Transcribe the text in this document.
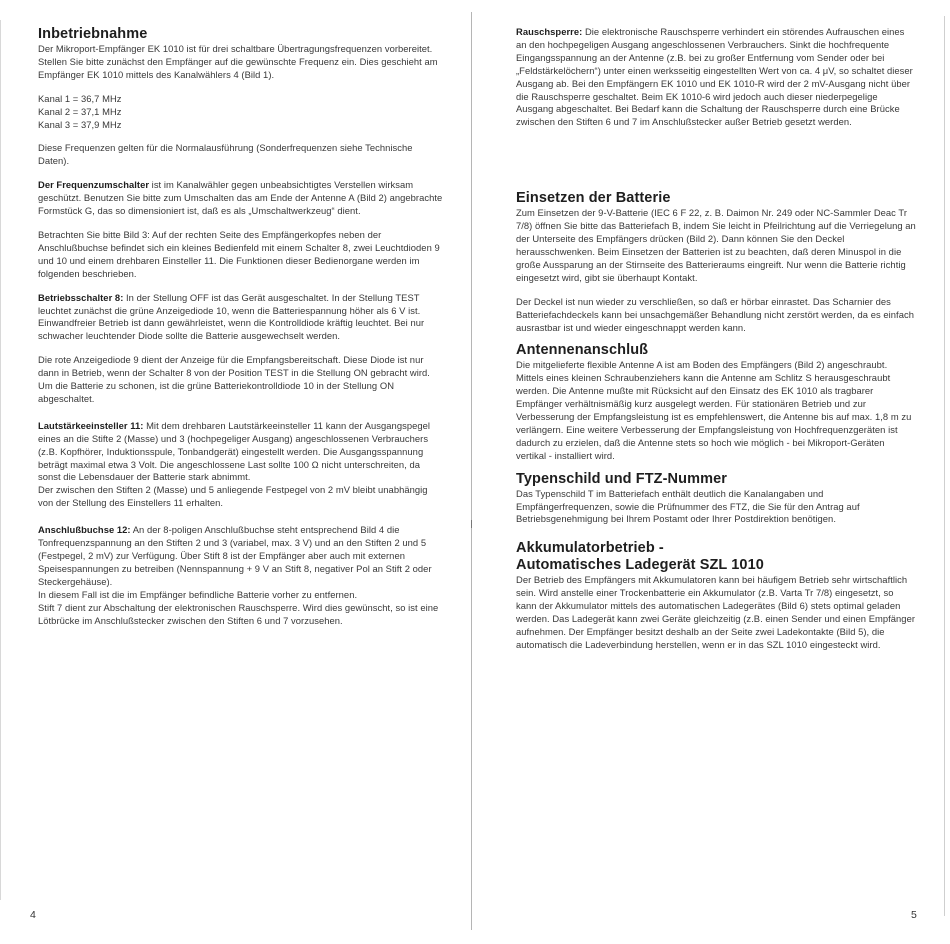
Inbetriebnahme

Der Mikroport-Empfänger EK 1010 ist für drei schaltbare Übertragungsfrequenzen vorbereitet. Stellen Sie bitte zunächst den Empfänger auf die gewünschte Frequenz ein. Dies geschieht am Empfänger EK 1010 mittels des Kanalwählers 4 (Bild 1).

Kanal 1 = 36,7 MHz

Kanal 2 = 37,1 MHz

Kanal 3 = 37,9 MHz

Diese Frequenzen gelten für die Normalausführung (Sonderfrequenzen siehe Technische Daten).

Der Frequenzumschalter ist im Kanalwähler gegen unbeabsichtigtes Verstellen wirksam geschützt. Benutzen Sie bitte zum Umschalten das am Ende der Antenne A (Bild 2) angebrachte Formstück G, das so dimensioniert ist, daß es als „Umschaltwerkzeug“ dient.

Betrachten Sie bitte Bild 3: Auf der rechten Seite des Empfängerkopfes neben der Anschlußbuchse befindet sich ein kleines Bedienfeld mit einem Schalter 8, zwei Leuchtdioden 9 und 10 und einem drehbaren Einsteller 11. Die Funktionen dieser Bedienorgane werden im folgenden beschrieben.

Betriebsschalter 8: In der Stellung OFF ist das Gerät ausgeschaltet. In der Stellung TEST leuchtet zunächst die grüne Anzeigediode 10, wenn die Batteriespannung höher als 6 V ist. Einwandfreier Betrieb ist dann gewährleistet, wenn die Kontrolldiode kräftig leuchtet. Bei nur schwacher leuchtender Diode sollte die Batterie ausgewechselt werden.

Die rote Anzeigediode 9 dient der Anzeige für die Empfangsbereitschaft. Diese Diode ist nur dann in Betrieb, wenn der Schalter 8 von der Position TEST in die Stellung ON gebracht wird. Um die Batterie zu schonen, ist die grüne Batteriekontrolldiode 10 in der Stellung ON abgeschaltet.

Lautstärkeeinsteller 11: Mit dem drehbaren Lautstärkeeinsteller 11 kann der Ausgangspegel eines an die Stifte 2 (Masse) und 3 (hochpegeliger Ausgang) angeschlossenen Verbrauchers (z.B. Kopfhörer, Induktionsspule, Tonbandgerät) eingestellt werden. Die Ausgangsspannung beträgt maximal etwa 3 Volt. Die angeschlossene Last sollte 100 Ω nicht unterschreiten, da sonst die Lebensdauer der Batterie stark abnimmt.

Der zwischen den Stiften 2 (Masse) und 5 anliegende Festpegel von 2 mV bleibt unabhängig von der Stellung des Einstellers 11 erhalten.

Anschlußbuchse 12: An der 8-poligen Anschlußbuchse steht entsprechend Bild 4 die Tonfrequenzspannung an den Stiften 2 und 3 (variabel, max. 3 V) und an den Stiften 2 und 5 (Festpegel, 2 mV) zur Verfügung. Über Stift 8 ist der Empfänger aber auch mit externen Speisespannungen zu betreiben (Nennspannung + 9 V an Stift 8, negativer Pol an Stift 2 oder Steckergehäuse).

In diesem Fall ist die im Empfänger befindliche Batterie vorher zu entfernen.

Stift 7 dient zur Abschaltung der elektronischen Rauschsperre. Wird dies gewünscht, so ist eine Lötbrücke im Anschlußstecker zwischen den Stiften 6 und 7 vorzusehen.

Rauschsperre: Die elektronische Rauschsperre verhindert ein störendes Aufrauschen eines an den hochpegeligen Ausgang angeschlossenen Verbrauchers. Sinkt die hochfrequente Eingangsspannung an der Antenne (z.B. bei zu großer Entfernung vom Sender oder bei „Feldstärkelöchern“) unter einen werksseitig eingestellten Wert von ca. 4 μV, so schaltet dieser Ausgang ab. Bei den Empfängern EK 1010 und EK 1010-R wird der 2 mV-Ausgang nicht über die Rauschsperre geschaltet. Beim EK 1010-6 wird jedoch auch dieser niederpegelige Ausgang abgeschaltet. Bei Bedarf kann die Schaltung der Rauschsperre durch eine Brücke zwischen den Stiften 6 und 7 im Anschlußstecker außer Betrieb gesetzt werden.

Einsetzen der Batterie

Zum Einsetzen der 9-V-Batterie (IEC 6 F 22, z. B. Daimon Nr. 249 oder NC-Sammler Deac Tr 7/8) öffnen Sie bitte das Batteriefach B, indem Sie leicht in Pfeilrichtung auf die Verriegelung an der Unterseite des Empfängers drücken (Bild 2). Dann können Sie den Deckel herausschwenken. Beim Einsetzen der Batterien ist zu beachten, daß deren Minuspol in die große Aussparung an der Stirnseite des Batterieraums eingreift. Nur wenn die Batterie richtig eingesetzt wird, gibt sie überhaupt Kontakt.

Der Deckel ist nun wieder zu verschließen, so daß er hörbar einrastet. Das Scharnier des Batteriefachdeckels kann bei unsachgemäßer Behandlung nicht zerstört werden, da es einfach ausrastbar ist und wieder eingeschnappt werden kann.

Antennenanschluß

Die mitgelieferte flexible Antenne A ist am Boden des Empfängers (Bild 2) angeschraubt. Mittels eines kleinen Schraubenziehers kann die Antenne am Schlitz S herausgeschraubt werden. Die Antenne mußte mit Rücksicht auf den Einsatz des EK 1010 als tragbarer Empfänger verhältnismäßig kurz ausgelegt werden. Für stationären Betrieb und zur Verbesserung der Empfangsleistung ist es empfehlenswert, die Antenne bis auf max. 1,8 m zu verlängern. Eine weitere Verbesserung der Empfangsleistung von Hochfrequenzgeräten ist dadurch zu erzielen, daß die Antenne stets so hoch wie möglich - bei Mikroport-Geräten vertikal - installiert wird.

Typenschild und FTZ-Nummer

Das Typenschild T im Batteriefach enthält deutlich die Kanalangaben und Empfängerfrequenzen, sowie die Prüfnummer des FTZ, die Sie für den Antrag auf Betriebsgenehmigung bei Ihrem Postamt oder Ihrer Postdirektion benötigen.

Akkumulatorbetrieb -
Automatisches Ladegerät SZL 1010

Der Betrieb des Empfängers mit Akkumulatoren kann bei häufigem Betrieb sehr wirtschaftlich sein. Wird anstelle einer Trockenbatterie ein Akkumulator (z.B. Varta Tr 7/8) eingesetzt, so kann der Akkumulator mittels des automatischen Ladegerätes (Bild 6) stets optimal geladen werden. Das Ladegerät kann zwei Geräte gleichzeitig (z.B. einen Sender und einen Empfänger aufnehmen. Der Empfänger besitzt deshalb an der Seite zwei Ladekontakte (Bild 5), die automatisch die Ladeverbindung herstellen, wenn er in das SZL 1010 eingesteckt wird.

4	5
